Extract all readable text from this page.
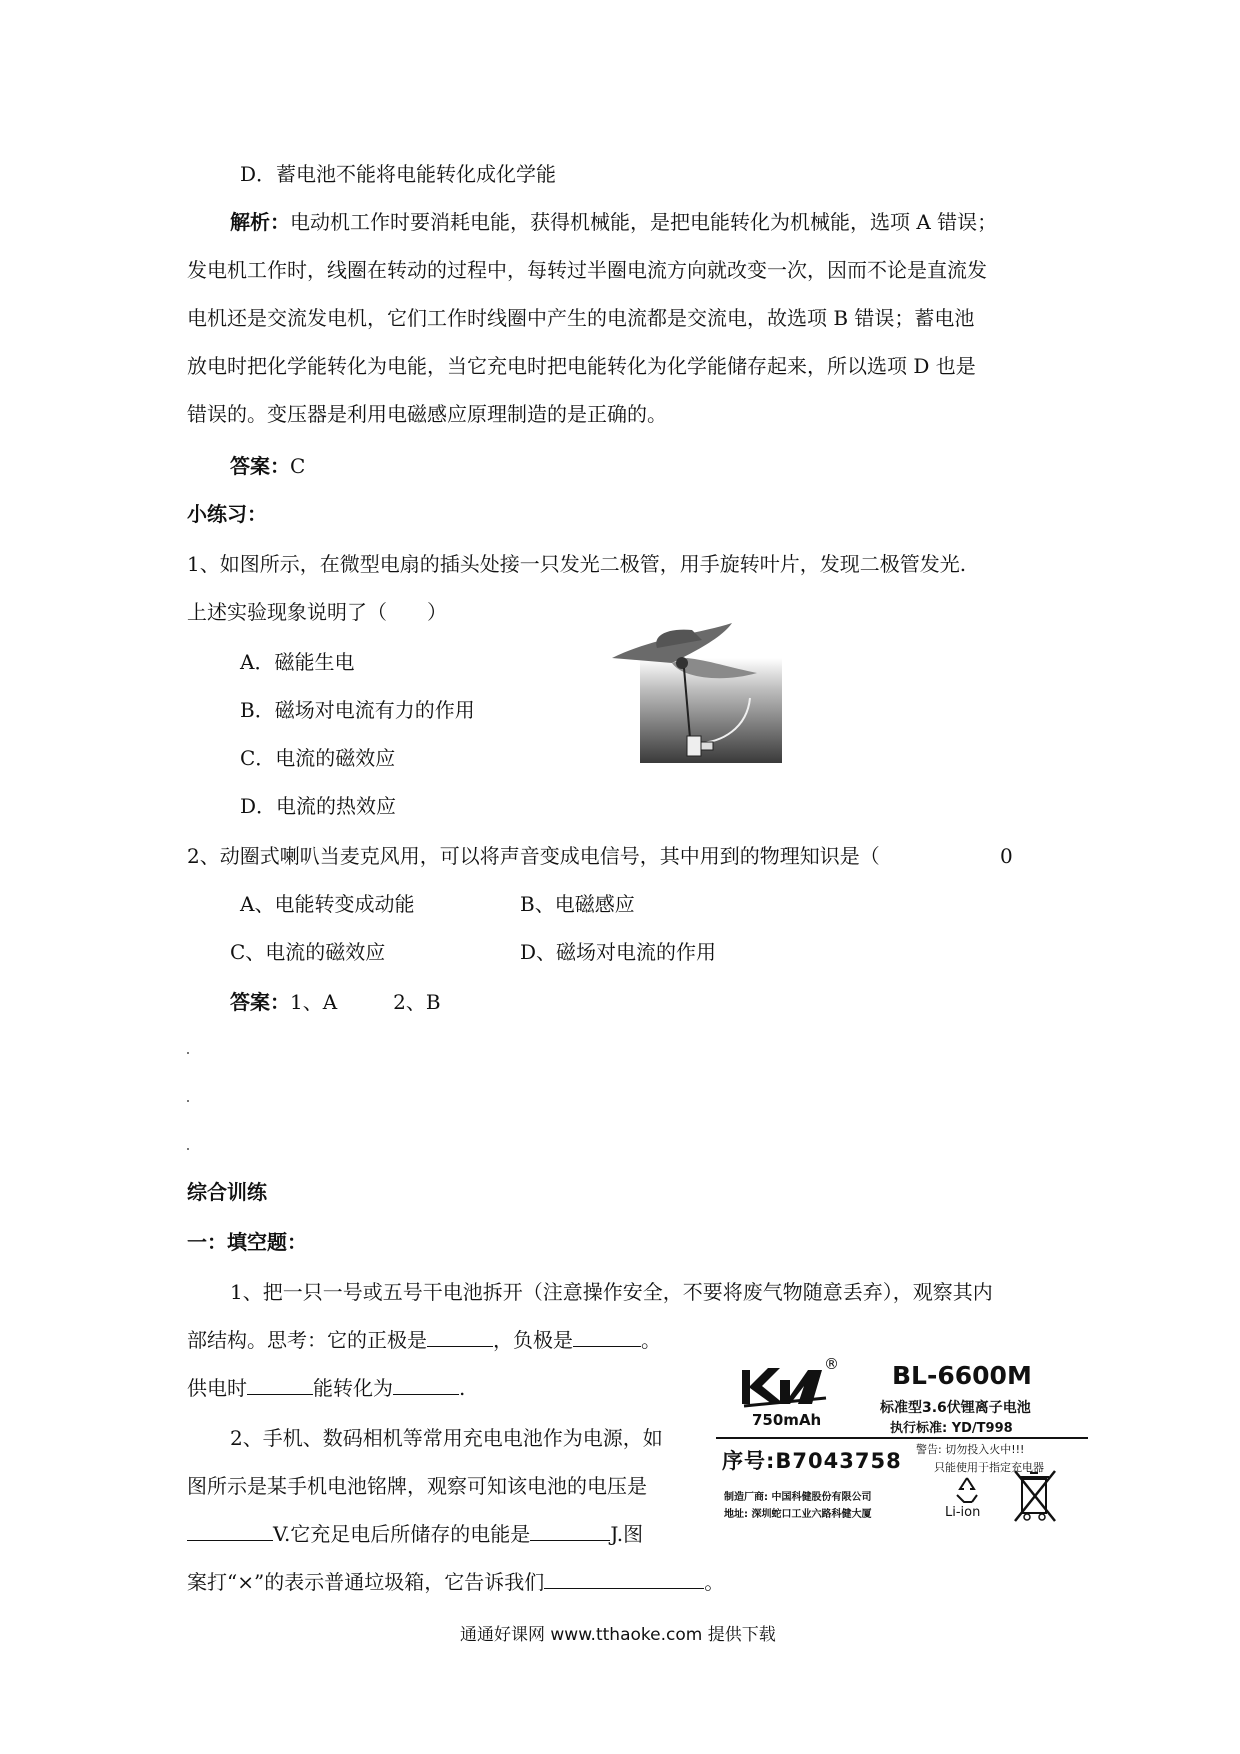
D．蓄电池不能将电能转化成化学能
解析：电动机工作时要消耗电能，获得机械能，是把电能转化为机械能，选项 A 错误；
发电机工作时，线圈在转动的过程中，每转过半圈电流方向就改变一次，因而不论是直流发
电机还是交流发电机，它们工作时线圈中产生的电流都是交流电，故选项 B 错误；蓄电池
放电时把化学能转化为电能，当它充电时把电能转化为化学能储存起来，所以选项 D 也是
错误的。变压器是利用电磁感应原理制造的是正确的。
答案：C
小练习：
1、如图所示，在微型电扇的插头处接一只发光二极管，用手旋转叶片，发现二极管发光.
上述实验现象说明了（　　）
A．磁能生电
B．磁场对电流有力的作用
C．电流的磁效应
D．电流的热效应
2、动圈式喇叭当麦克风用，可以将声音变成电信号，其中用到的物理知识是（	0
A、电能转变成动能	B、电磁感应
C、电流的磁效应	D、磁场对电流的作用
答案：1、A	2、B
综合训练
一：填空题：
1、把一只一号或五号干电池拆开（注意操作安全，不要将废气物随意丢弃），观察其内
部结构。思考：它的正极是	，负极是	。
供电时	能转化为	.
2、手机、数码相机等常用充电电池作为电源，如
图所示是某手机电池铭牌，观察可知该电池的电压是
V.它充足电后所储存的电能是	J.图
案打“×”的表示普通垃圾箱，它告诉我们	。
®
750mAh
BL-6600M
标准型3.6伏锂离子电池
执行标准: YD/T998
序号:B7043758 警告: 切勿投入火中!!!
只能使用于指定充电器
制造厂商: 中国科健股份有限公司
地址: 深圳蛇口工业六路科健大厦	Li-ion
通通好课网 www.tthaoke.com 提供下载
